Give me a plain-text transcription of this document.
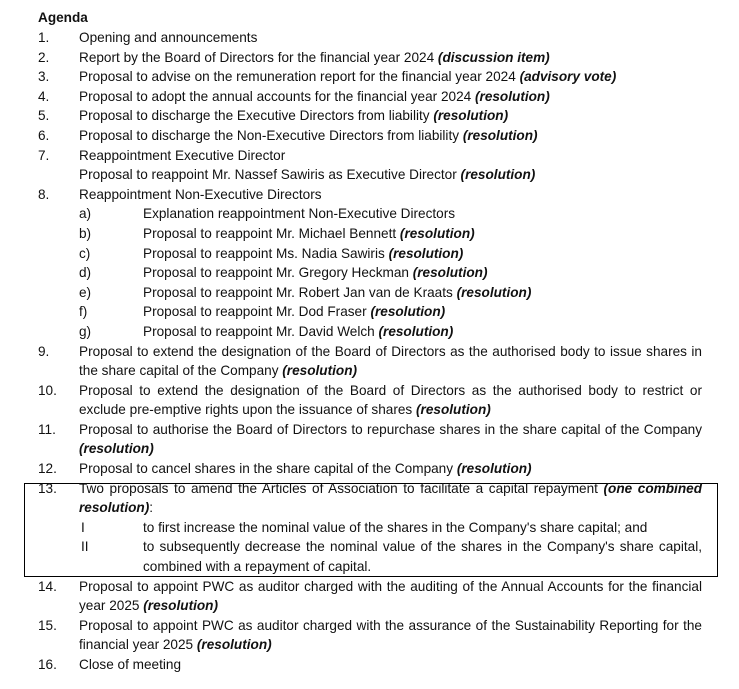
Agenda
1.	Opening and announcements
2.	Report by the Board of Directors for the financial year 2024 (discussion item)
3.	Proposal to advise on the remuneration report for the financial year 2024 (advisory vote)
4.	Proposal to adopt the annual accounts for the financial year 2024 (resolution)
5.	Proposal to discharge the Executive Directors from liability (resolution)
6.	Proposal to discharge the Non-Executive Directors from liability (resolution)
7.	Reappointment Executive Director
Proposal to reappoint Mr. Nassef Sawiris as Executive Director (resolution)
8.	Reappointment Non-Executive Directors
a)	Explanation reappointment Non-Executive Directors
b)	Proposal to reappoint Mr. Michael Bennett (resolution)
c)	Proposal to reappoint Ms. Nadia Sawiris (resolution)
d)	Proposal to reappoint Mr. Gregory Heckman (resolution)
e)	Proposal to reappoint Mr. Robert Jan van de Kraats (resolution)
f)	Proposal to reappoint Mr. Dod Fraser (resolution)
g)	Proposal to reappoint Mr. David Welch (resolution)
9.	Proposal to extend the designation of the Board of Directors as the authorised body to issue shares in the share capital of the Company (resolution)
10.	Proposal to extend the designation of the Board of Directors as the authorised body to restrict or exclude pre-emptive rights upon the issuance of shares (resolution)
11.	Proposal to authorise the Board of Directors to repurchase shares in the share capital of the Company (resolution)
12.	Proposal to cancel shares in the share capital of the Company (resolution)
13.	Two proposals to amend the Articles of Association to facilitate a capital repayment (one combined resolution):
I	to first increase the nominal value of the shares in the Company's share capital; and
II	to subsequently decrease the nominal value of the shares in the Company's share capital, combined with a repayment of capital.
14.	Proposal to appoint PWC as auditor charged with the auditing of the Annual Accounts for the financial year 2025 (resolution)
15.	Proposal to appoint PWC as auditor charged with the assurance of the Sustainability Reporting for the financial year 2025 (resolution)
16.	Close of meeting
